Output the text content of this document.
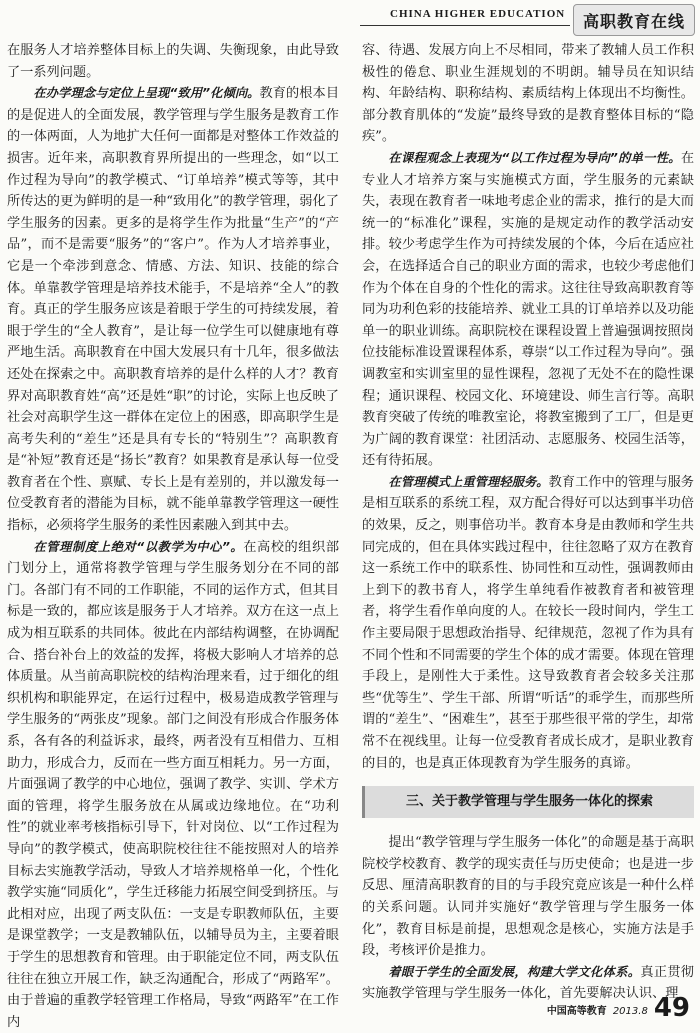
CHINA HIGHER EDUCATION	高职教育在线

在服务人才培养整体目标上的失调、失衡现象，由此导致了一系列问题。

在办学理念与定位上呈现“致用”化倾向。教育的根本目的是促进人的全面发展，教学管理与学生服务是教育工作的一体两面，人为地扩大任何一面都是对整体工作效益的损害。近年来，高职教育界所提出的一些理念，如“以工作过程为导向”的教学模式、“订单培养”模式等等，其中所传达的更为鲜明的是一种“致用化”的教学管理，弱化了学生服务的因素。更多的是将学生作为批量“生产”的“产品”，而不是需要“服务”的“客户”。作为人才培养事业，它是一个牵涉到意念、情感、方法、知识、技能的综合体。单靠教学管理是培养技术能手，不是培养“全人”的教育。真正的学生服务应该是着眼于学生的可持续发展，着眼于学生的“全人教育”，是让每一位学生可以健康地有尊严地生活。高职教育在中国大发展只有十几年，很多做法还处在探索之中。高职教育培养的是什么样的人才？教育界对高职教育姓“高”还是姓“职”的讨论，实际上也反映了社会对高职学生这一群体在定位上的困惑，即高职学生是高考失利的“差生”还是具有专长的“特别生”？高职教育是“补短”教育还是“扬长”教育？如果教育是承认每一位受教育者在个性、禀赋、专长上是有差别的，并以激发每一位受教育者的潜能为目标，就不能单靠教学管理这一硬性指标，必须将学生服务的柔性因素融入到其中去。

在管理制度上绝对“以教学为中心”。在高校的组织部门划分上，通常将教学管理与学生服务划分在不同的部门。各部门有不同的工作职能，不同的运作方式，但其目标是一致的，都应该是服务于人才培养。双方在这一点上成为相互联系的共同体。彼此在内部结构调整，在协调配合、搭台补台上的效益的发挥，将极大影响人才培养的总体质量。从当前高职院校的结构治理来看，过于细化的组织机构和职能界定，在运行过程中，极易造成教学管理与学生服务的“两张皮”现象。部门之间没有形成合作服务体系，各有各的利益诉求，最终，两者没有互相借力、互相助力，形成合力，反而在一些方面互相耗力。另一方面，片面强调了教学的中心地位，强调了教学、实训、学术方面的管理，将学生服务放在从属或边缘地位。在“功利性”的就业率考核指标引导下，针对岗位、以“工作过程为导向”的教学模式，使高职院校往往不能按照对人的培养目标去实施教学活动，导致人才培养规格单一化，个性化教学实施“同质化”，学生迁移能力拓展空间受到挤压。与此相对应，出现了两支队伍：一支是专职教师队伍，主要是课堂教学；一支是教辅队伍，以辅导员为主，主要着眼于学生的思想教育和管理。由于职能定位不同，两支队伍往往在独立开展工作，缺乏沟通配合，形成了“两路军”。由于普遍的重教学轻管理工作格局，导致“两路军”在工作内

容、待遇、发展方向上不尽相同，带来了教辅人员工作积极性的倦怠、职业生涯规划的不明朗。辅导员在知识结构、年龄结构、职称结构、素质结构上体现出不均衡性。部分教育肌体的“发旋”最终导致的是教育整体目标的“隐疾”。

在课程观念上表现为“以工作过程为导向”的单一性。在专业人才培养方案与实施模式方面，学生服务的元素缺失，表现在教育者一味地考虑企业的需求，推行的是大而统一的“标准化”课程，实施的是规定动作的教学活动安排。较少考虑学生作为可持续发展的个体，今后在适应社会，在选择适合自己的职业方面的需求，也较少考虑他们作为个体在自身的个性化的需求。这往往导致高职教育等同为功利色彩的技能培养、就业工具的订单培养以及功能单一的职业训练。高职院校在课程设置上普遍强调按照岗位技能标准设置课程体系，尊崇“以工作过程为导向”。强调教室和实训室里的显性课程，忽视了无处不在的隐性课程；通识课程、校园文化、环境建设、师生言行等。高职教育突破了传统的唯教室论，将教室搬到了工厂，但是更为广阔的教育课堂：社团活动、志愿服务、校园生活等，还有待拓展。

在管理模式上重管理轻服务。教育工作中的管理与服务是相互联系的系统工程，双方配合得好可以达到事半功倍的效果，反之，则事倍功半。教育本身是由教师和学生共同完成的，但在具体实践过程中，往往忽略了双方在教育这一系统工作中的联系性、协同性和互动性，强调教师由上到下的教书育人，将学生单纯看作被教育者和被管理者，将学生看作单向度的人。在较长一段时间内，学生工作主要局限于思想政治指导、纪律规范，忽视了作为具有不同个性和不同需要的学生个体的成才需要。体现在管理手段上，是刚性大于柔性。这导致教育者会较多关注那些“优等生”、学生干部、所谓“听话”的乖学生，而那些所谓的“差生”、“困难生”，甚至于那些很平常的学生，却常常不在视线里。让每一位受教育者成长成才，是职业教育的目的，也是真正体现教育为学生服务的真谛。

三、关于教学管理与学生服务一体化的探索

提出“教学管理与学生服务一体化”的命题是基于高职院校学校教育、教学的现实责任与历史使命；也是进一步反思、厘清高职教育的目的与手段究竟应该是一种什么样的关系问题。认同并实施好“教学管理与学生服务一体化”，教育目标是前提，思想观念是核心，实施方法是手段，考核评价是推力。

着眼于学生的全面发展，构建大学文化体系。真正贯彻实施教学管理与学生服务一体化，首先要解决认识、理

中国高等教育 2013.8 49
